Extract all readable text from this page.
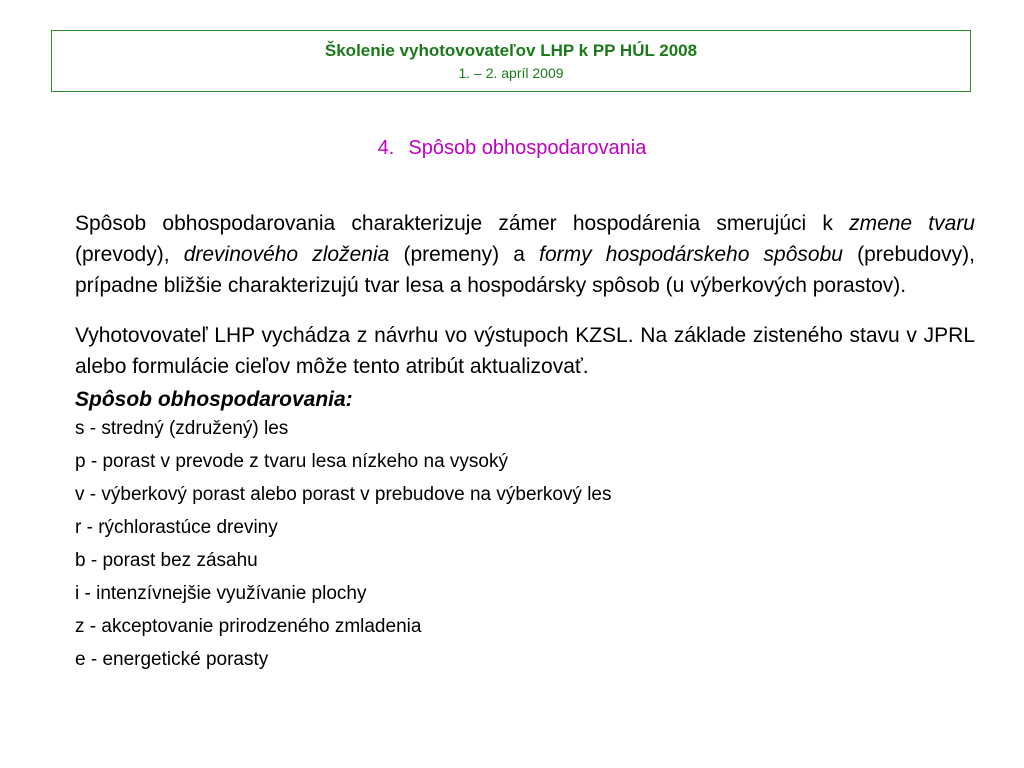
Školenie vyhotovovateľov LHP k PP HÚL 2008
1. – 2. apríl 2009
4. Spôsob obhospodarovania

Spôsob obhospodarovania charakterizuje zámer hospodárenia smerujúci k zmene tvaru (prevody), drevinového zloženia (premeny) a formy hospodárskeho spôsobu (prebudovy), prípadne bližšie charakterizujú tvar lesa a hospodársky spôsob (u výberkových porastov).

Vyhotovovateľ LHP vychádza z návrhu vo výstupoch KZSL. Na základe zisteného stavu v JPRL alebo formulácie cieľov môže tento atribút aktualizovať.

Spôsob obhospodarovania:
s - stredný (združený) les
p - porast v prevode z tvaru lesa nízkeho na vysoký
v - výberkový porast alebo porast v prebudove na výberkový les
r - rýchlorastúce dreviny
b - porast bez zásahu
i - intenzívnejšie využívanie plochy
z - akceptovanie prirodzeného zmladenia
e - energetické porasty
